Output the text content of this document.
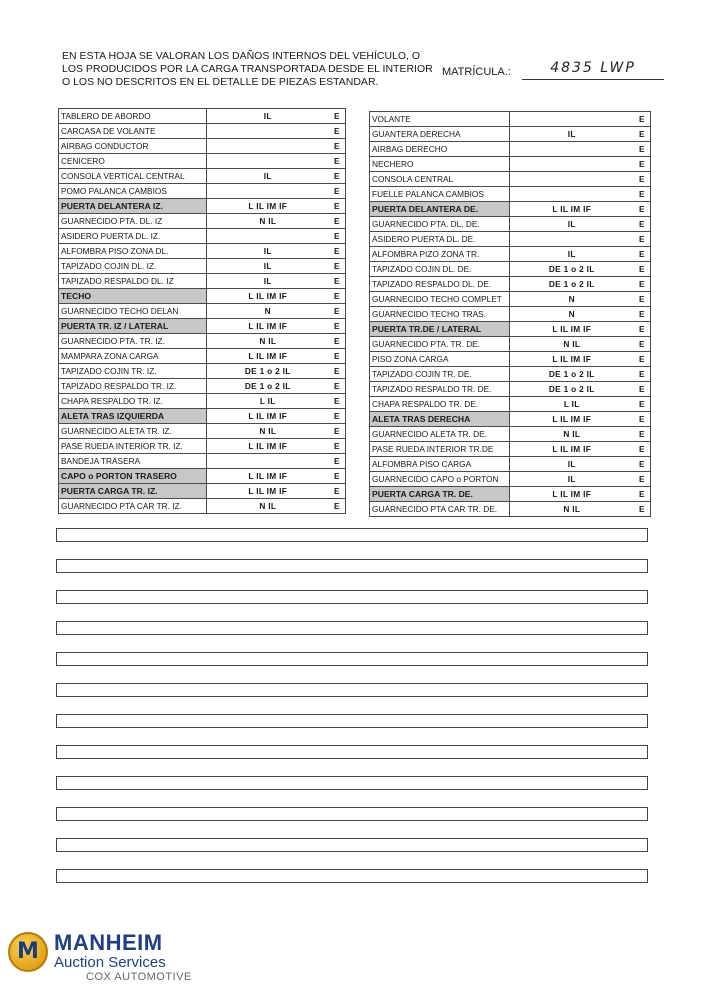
EN ESTA HOJA SE VALORAN LOS DAÑOS INTERNOS DEL VEHÍCULO, O
LOS PRODUCIDOS POR LA CARGA TRANSPORTADA DESDE EL INTERIOR
O LOS NO DESCRITOS EN EL DETALLE DE PIEZAS ESTANDAR.
MATRÍCULA.:	4835 LWP
TABLERO DE ABORDO	IL	E
CARCASA DE VOLANTE		E
AIRBAG CONDUCTOR		E
CENICERO		E
CONSOLA VERTICAL CENTRAL	IL	E
POMO PALANCA CAMBIOS		E
PUERTA DELANTERA IZ.	L IL IM IF	E
GUARNECIDO PTA. DL. IZ	N IL	E
ASIDERO PUERTA DL. IZ.		E
ALFOMBRA PISO ZONA DL.	IL	E
TAPIZADO COJIN DL. IZ.	IL	E
TAPIZADO RESPALDO DL. IZ	IL	E
TECHO	L IL IM IF	E
GUARNECIDO TECHO DELAN	N	E
PUERTA TR. IZ / LATERAL	L IL IM IF	E
GUARNECIDO PTA. TR. IZ.	N IL	E
MAMPARA ZONA CARGA	L IL IM IF	E
TAPIZADO COJIN TR. IZ.	DE 1 o 2 IL	E
TAPIZADO RESPALDO TR. IZ.	DE 1 o 2 IL	E
CHAPA RESPALDO TR. IZ.	L IL	E
ALETA TRAS IZQUIERDA	L IL IM IF	E
GUARNECIDO ALETA TR. IZ.	N IL	E
PASE RUEDA INTERIOR TR. IZ.	L IL IM IF	E
BANDEJA TRASERA		E
CAPO o PORTON TRASERO	L IL IM IF	E
PUERTA CARGA TR. IZ.	L IL IM IF	E
GUARNECIDO PTA CAR TR. IZ.	N IL	E
VOLANTE		E
GUANTERA DERECHA	IL	E
AIRBAG DERECHO		E
NECHERO		E
CONSOLA CENTRAL		E
FUELLE PALANCA CAMBIOS		E
PUERTA DELANTERA DE.	L IL IM IF	E
GUARNECIDO PTA. DL. DE.	IL	E
ASIDERO PUERTA DL. DE.		E
ALFOMBRA PIZO ZONA TR.	IL	E
TAPIZADO COJIN DL. DE.	DE 1 o 2 IL	E
TAPIZADO RESPALDO DL. DE.	DE 1 o 2 IL	E
GUARNECIDO TECHO COMPLET	N	E
GUARNECIDO TECHO TRAS.	N	E
PUERTA TR.DE / LATERAL	L IL IM IF	E
GUARNECIDO PTA. TR. DE.	N IL	E
PISO ZONA CARGA	L IL IM IF	E
TAPIZADO COJIN TR. DE.	DE 1 o 2 IL	E
TAPIZADO RESPALDO TR. DE.	DE 1 o 2 IL	E
CHAPA RESPALDO TR. DE.	L IL	E
ALETA TRAS DERECHA	L IL IM IF	E
GUARNECIDO ALETA TR. DE.	N IL	E
PASE RUEDA INTERIOR TR.DE	L IL IM IF	E
ALFOMBRA PISO CARGA	IL	E
GUARNECIDO CAPO o PORTON	IL	E
PUERTA CARGA TR. DE.	L IL IM IF	E
GUARNECIDO PTA CAR TR. DE.	N IL	E
M MANHEIM
Auction Services
COX AUTOMOTIVE
